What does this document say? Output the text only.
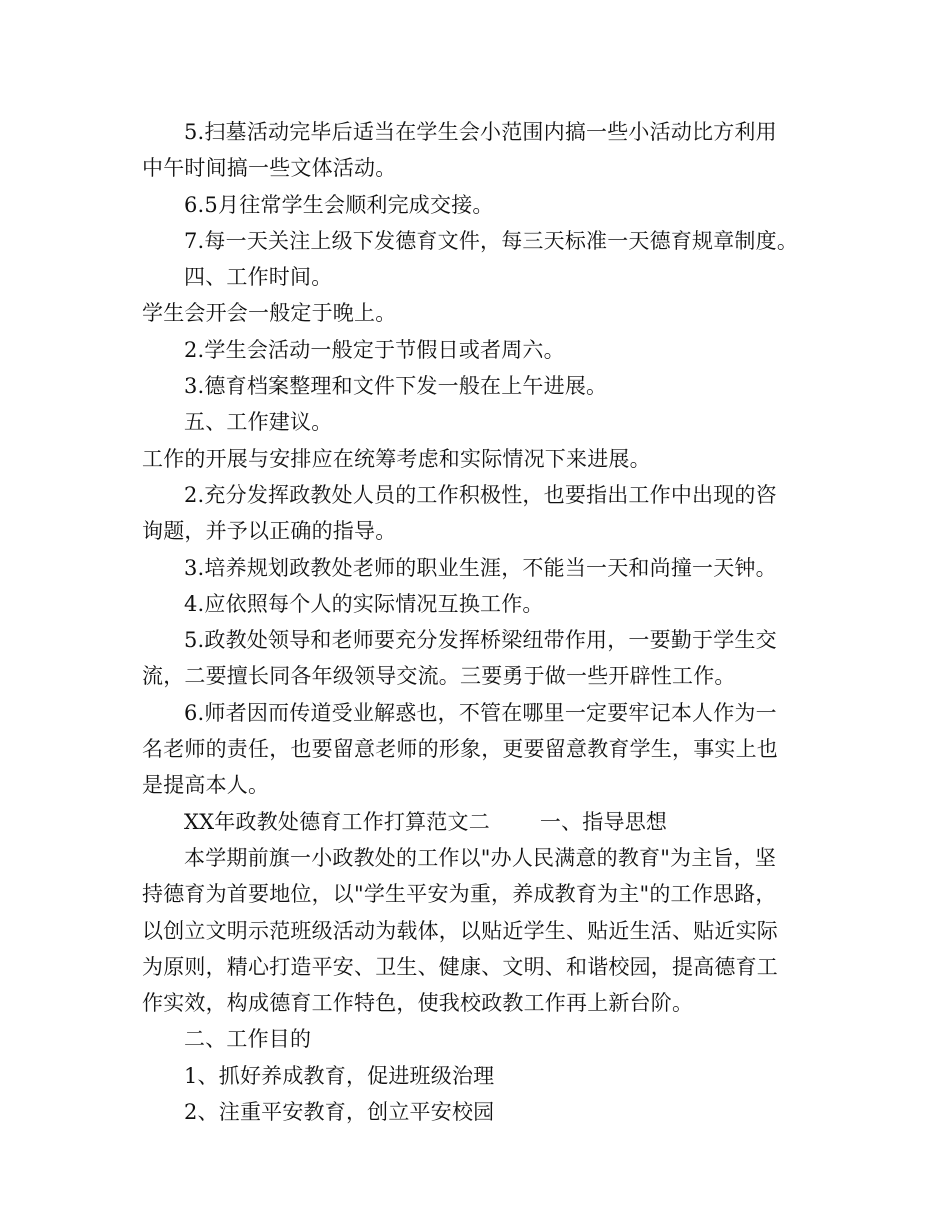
5.扫墓活动完毕后适当在学生会小范围内搞一些小活动比方利用
中午时间搞一些文体活动。
6.5月往常学生会顺利完成交接。
7.每一天关注上级下发德育文件，每三天标准一天德育规章制度。
四、工作时间。
学生会开会一般定于晚上。
2.学生会活动一般定于节假日或者周六。
3.德育档案整理和文件下发一般在上午进展。
五、工作建议。
工作的开展与安排应在统筹考虑和实际情况下来进展。
2.充分发挥政教处人员的工作积极性，也要指出工作中出现的咨
询题，并予以正确的指导。
3.培养规划政教处老师的职业生涯，不能当一天和尚撞一天钟。
4.应依照每个人的实际情况互换工作。
5.政教处领导和老师要充分发挥桥梁纽带作用，一要勤于学生交
流，二要擅长同各年级领导交流。三要勇于做一些开辟性工作。
6.师者因而传道受业解惑也，不管在哪里一定要牢记本人作为一
名老师的责任，也要留意老师的形象，更要留意教育学生，事实上也
是提高本人。
XX年政教处德育工作打算范文二 一、指导思想
本学期前旗一小政教处的工作以"办人民满意的教育"为主旨，坚
持德育为首要地位，以"学生平安为重，养成教育为主"的工作思路，
以创立文明示范班级活动为载体，以贴近学生、贴近生活、贴近实际
为原则，精心打造平安、卫生、健康、文明、和谐校园，提高德育工
作实效，构成德育工作特色，使我校政教工作再上新台阶。
二、工作目的
1、抓好养成教育，促进班级治理
2、注重平安教育，创立平安校园
